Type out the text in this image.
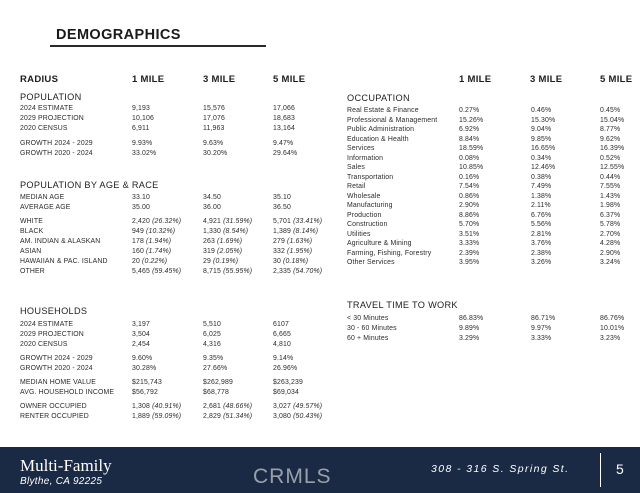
DEMOGRAPHICS
RADIUS	1 MILE	3 MILE	5 MILE	1 MILE	3 MILE	5 MILE
POPULATION
2024 ESTIMATE	9,193	15,576	17,066
2029 PROJECTION	10,106	17,076	18,683
2020 CENSUS	6,911	11,963	13,164
GROWTH 2024 - 2029	9.93%	9.63%	9.47%
GROWTH 2020 - 2024	33.02%	30.20%	29.64%
POPULATION BY AGE & RACE
MEDIAN AGE	33.10	34.50	35.10
AVERAGE AGE	35.00	36.00	36.50
WHITE	2,420 (26.32%)	4,921 (31.59%)	5,701 (33.41%)
BLACK	949 (10.32%)	1,330 (8.54%)	1,389 (8.14%)
AM. INDIAN & ALASKAN	178 (1.94%)	263 (1.69%)	279 (1.63%)
ASIAN	160 (1.74%)	319 (2.05%)	332 (1.95%)
HAWAIIAN & PAC. ISLAND	20 (0.22%)	29 (0.19%)	30 (0.18%)
OTHER	5,465 (59.45%)	8,715 (55.95%)	2,335 (54.70%)
HOUSEHOLDS
2024 ESTIMATE	3,197	5,510	6107
2029 PROJECTION	3,504	6,025	6,665
2020 CENSUS	2,454	4,316	4,810
GROWTH 2024 - 2029	9.60%	9.35%	9.14%
GROWTH 2020 - 2024	30.28%	27.66%	26.96%
MEDIAN HOME VALUE	$215,743	$262,989	$263,239
AVG. HOUSEHOLD INCOME	$56,792	$68,778	$69,034
OWNER OCCUPIED	1,308 (40.91%)	2,681 (48.66%)	3,027 (49.57%)
RENTER OCCUPIED	1,889 (59.09%)	2,829 (51.34%)	3,080 (50.43%)
OCCUPATION
Real Estate & Finance	0.27%	0.46%	0.45%
Professional & Management	15.26%	15.30%	15.04%
Public Administration	6.92%	9.04%	8.77%
Education & Health	8.84%	9.85%	9.62%
Services	18.59%	16.65%	16.39%
Information	0.08%	0.34%	0.52%
Sales	10.85%	12.46%	12.55%
Transportation	0.16%	0.38%	0.44%
Retail	7.54%	7.49%	7.55%
Wholesale	0.86%	1.38%	1.43%
Manufacturing	2.90%	2.11%	1.98%
Production	8.86%	6.76%	6.37%
Construction	5.70%	5.56%	5.78%
Utilities	3.51%	2.81%	2.70%
Agriculture & Mining	3.33%	3.76%	4.28%
Farming, Fishing, Forestry	2.39%	2.38%	2.90%
Other Services	3.95%	3.26%	3.24%
TRAVEL TIME TO WORK
< 30 Minutes	86.83%	86.71%	86.76%
30 - 60 Minutes	9.89%	9.97%	10.01%
60 + Minutes	3.29%	3.33%	3.23%
Multi-Family
Blythe, CA 92225	CRMLS	308 - 316 S. Spring St.	5
